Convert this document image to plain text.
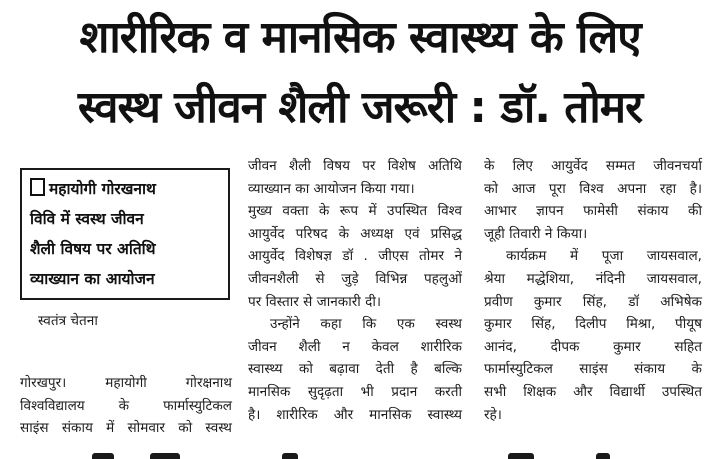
शारीरिक व मानसिक स्वास्थ्य के लिए
स्वस्थ जीवन शैली जरूरी : डॉ. तोमर
महायोगी गोरखनाथ
विवि में स्वस्थ जीवन
शैली विषय पर अतिथि
व्याख्यान का आयोजन
स्वतंत्र चेतना

गोरखपुर। महायोगी गोरक्षनाथ

विश्वविद्यालय के फार्मास्युटिकल

साइंस संकाय में सोमवार को स्वस्थ

जीवन शैली विषय पर विशेष अतिथि

व्याख्यान का आयोजन किया गया।

मुख्य वक्ता के रूप में उपस्थित विश्व

आयुर्वेद परिषद के अध्यक्ष एवं प्रसिद्ध

आयुर्वेद विशेषज्ञ डॉ . जीएस तोमर ने

जीवनशैली से जुड़े विभिन्न पहलुओं

पर विस्तार से जानकारी दी।

उन्होंने कहा कि एक स्वस्थ

जीवन शैली न केवल शारीरिक

स्वास्थ्य को बढ़ावा देती है बल्कि

मानसिक सुदृढ़ता भी प्रदान करती

है। शारीरिक और मानसिक स्वास्थ्य

के लिए आयुर्वेद सम्मत जीवनचर्या

को आज पूरा विश्व अपना रहा है।

आभार ज्ञापन फामेसी संकाय की

जूही तिवारी ने किया।

कार्यक्रम में पूजा जायसवाल,

श्रेया मद्धेशिया, नंदिनी जायसवाल,

प्रवीण कुमार सिंह, डॉ अभिषेक

कुमार सिंह, दिलीप मिश्रा, पीयूष

आनंद, दीपक कुमार सहित

फार्मास्युटिकल साइंस संकाय के

सभी शिक्षक और विद्यार्थी उपस्थित

रहे।
